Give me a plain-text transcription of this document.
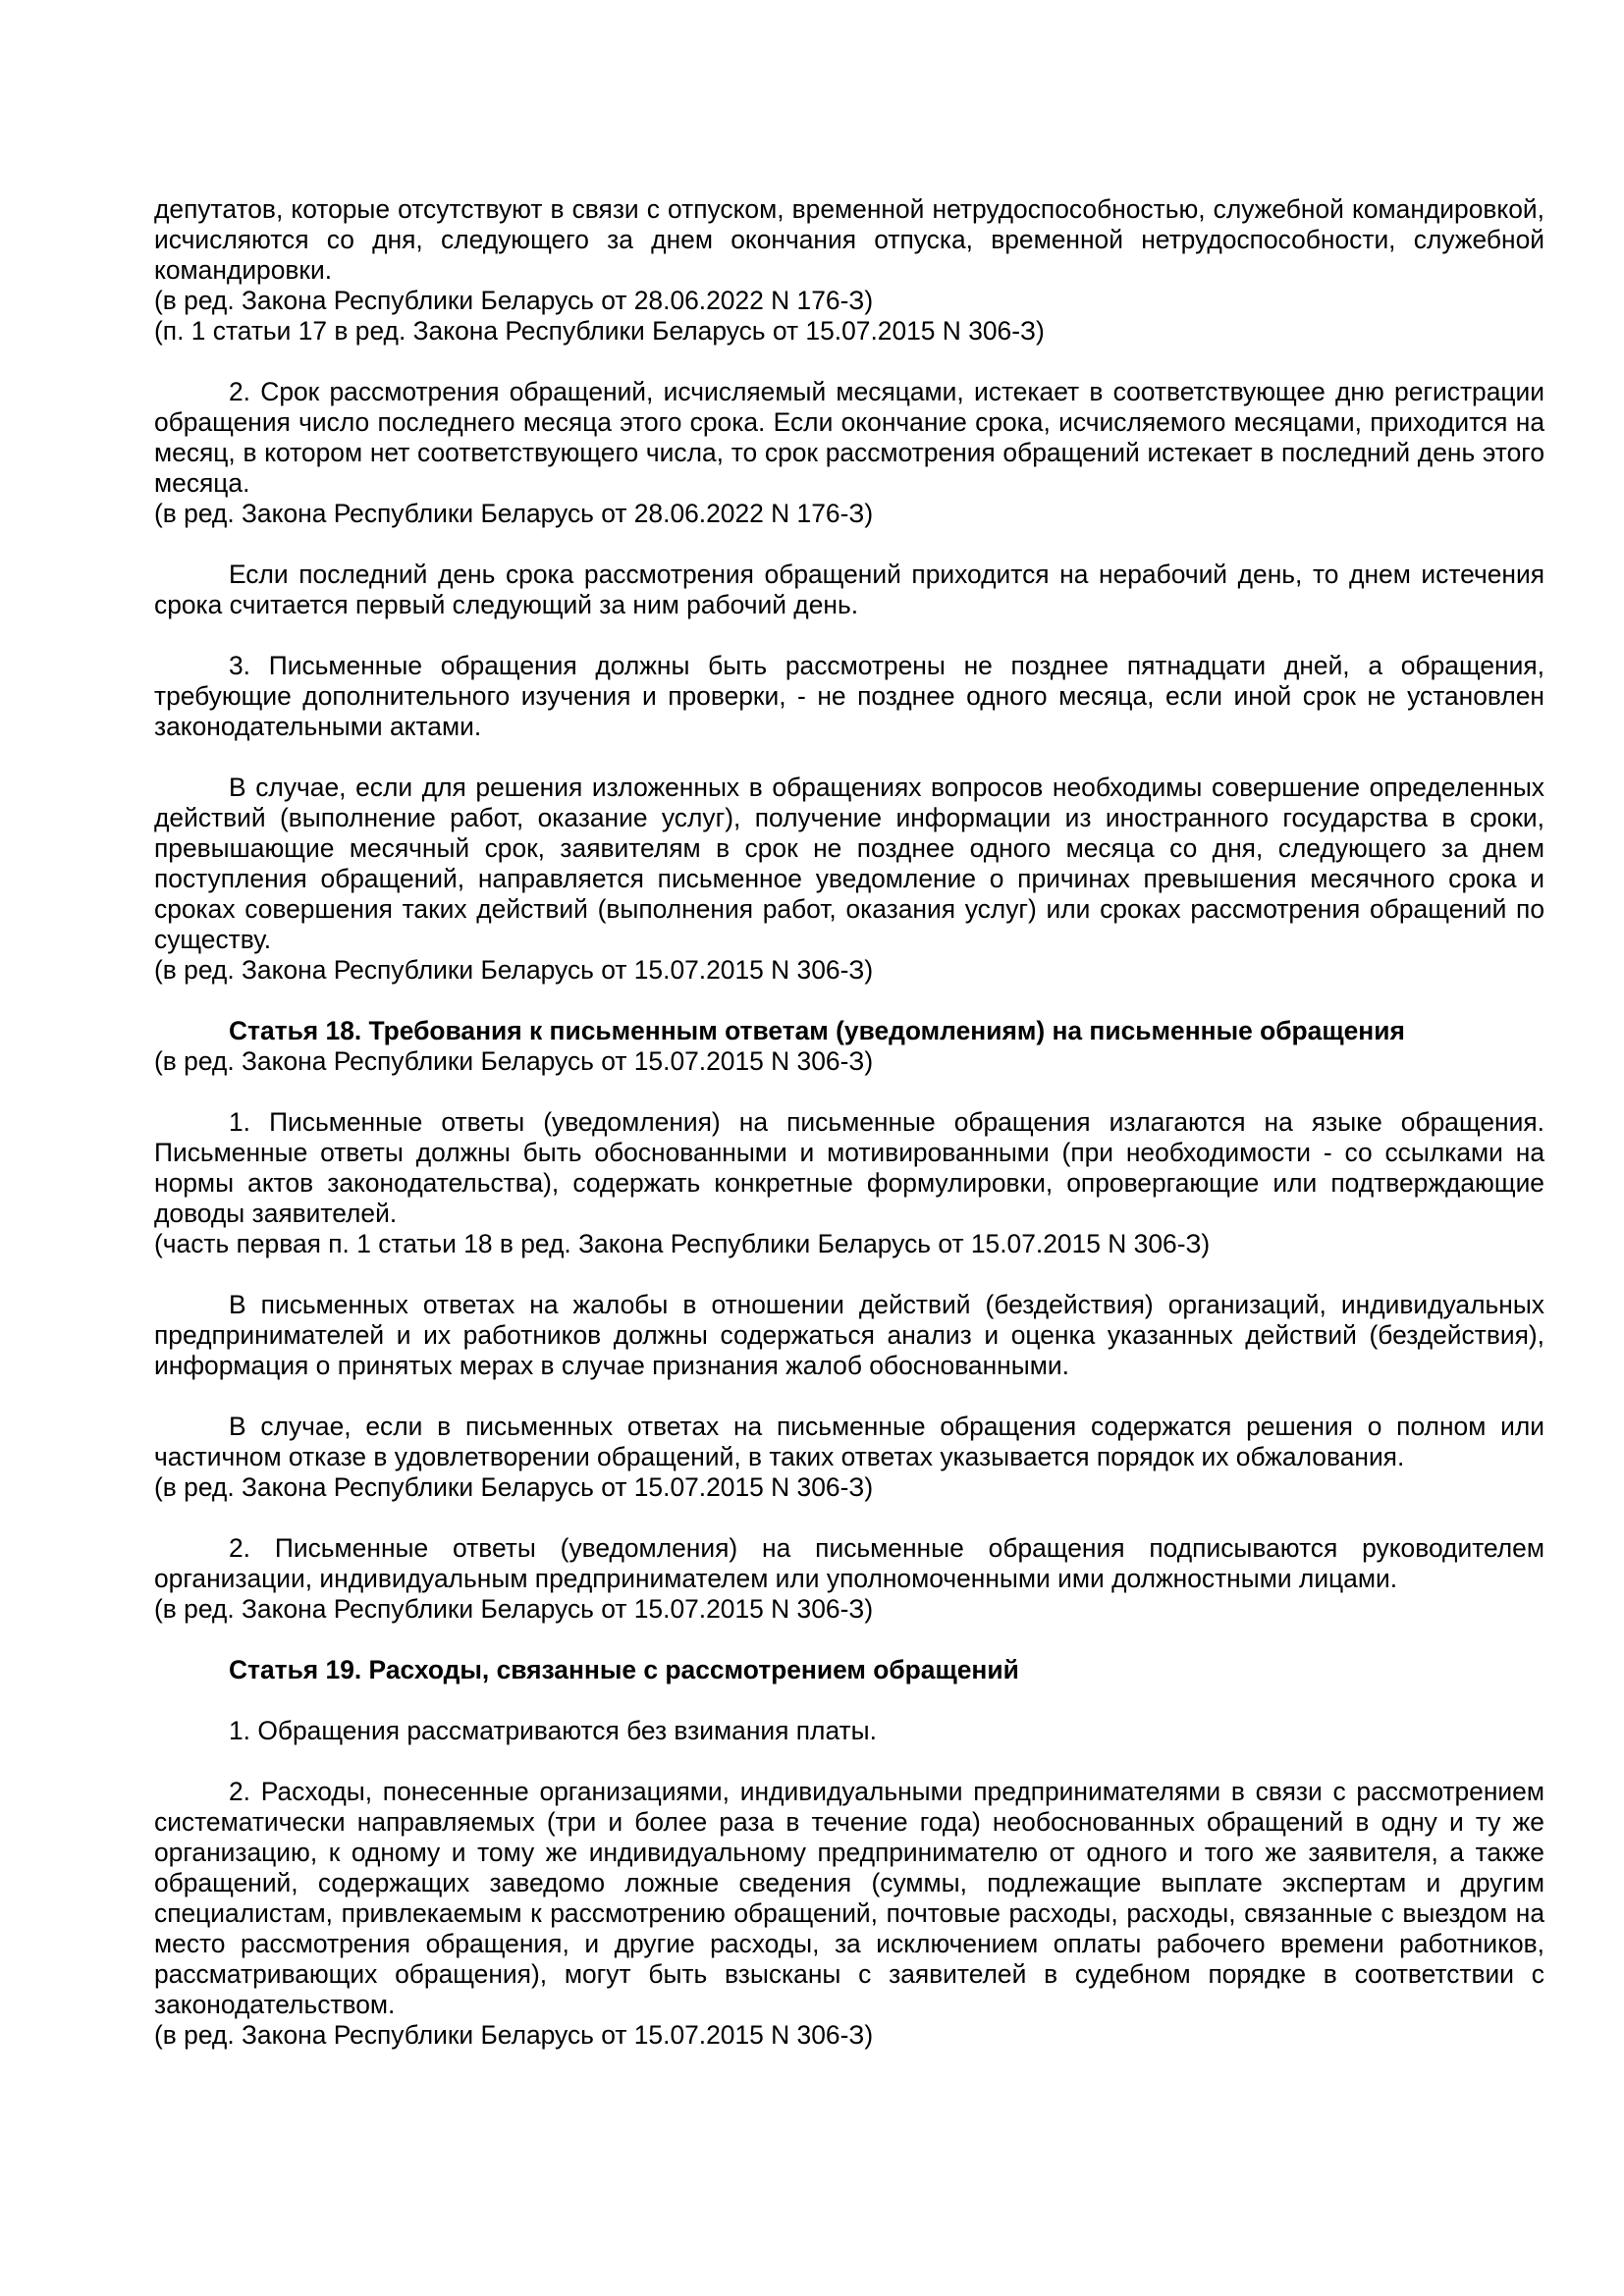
депутатов, которые отсутствуют в связи с отпуском, временной нетрудоспособностью, служебной командировкой, исчисляются со дня, следующего за днем окончания отпуска, временной нетрудоспособности, служебной командировки.

(в ред. Закона Республики Беларусь от 28.06.2022 N 176-З)
(п. 1 статьи 17 в ред. Закона Республики Беларусь от 15.07.2015 N 306-З)

2. Срок рассмотрения обращений, исчисляемый месяцами, истекает в соответствующее дню регистрации обращения число последнего месяца этого срока. Если окончание срока, исчисляемого месяцами, приходится на месяц, в котором нет соответствующего числа, то срок рассмотрения обращений истекает в последний день этого месяца.

(в ред. Закона Республики Беларусь от 28.06.2022 N 176-З)

Если последний день срока рассмотрения обращений приходится на нерабочий день, то днем истечения срока считается первый следующий за ним рабочий день.

3. Письменные обращения должны быть рассмотрены не позднее пятнадцати дней, а обращения, требующие дополнительного изучения и проверки, - не позднее одного месяца, если иной срок не установлен законодательными актами.

В случае, если для решения изложенных в обращениях вопросов необходимы совершение определенных действий (выполнение работ, оказание услуг), получение информации из иностранного государства в сроки, превышающие месячный срок, заявителям в срок не позднее одного месяца со дня, следующего за днем поступления обращений, направляется письменное уведомление о причинах превышения месячного срока и сроках совершения таких действий (выполнения работ, оказания услуг) или сроках рассмотрения обращений по существу.

(в ред. Закона Республики Беларусь от 15.07.2015 N 306-З)

Статья 18. Требования к письменным ответам (уведомлениям) на письменные обращения

(в ред. Закона Республики Беларусь от 15.07.2015 N 306-З)

1. Письменные ответы (уведомления) на письменные обращения излагаются на языке обращения. Письменные ответы должны быть обоснованными и мотивированными (при необходимости - со ссылками на нормы актов законодательства), содержать конкретные формулировки, опровергающие или подтверждающие доводы заявителей.

(часть первая п. 1 статьи 18 в ред. Закона Республики Беларусь от 15.07.2015 N 306-З)

В письменных ответах на жалобы в отношении действий (бездействия) организаций, индивидуальных предпринимателей и их работников должны содержаться анализ и оценка указанных действий (бездействия), информация о принятых мерах в случае признания жалоб обоснованными.

В случае, если в письменных ответах на письменные обращения содержатся решения о полном или частичном отказе в удовлетворении обращений, в таких ответах указывается порядок их обжалования.

(в ред. Закона Республики Беларусь от 15.07.2015 N 306-З)

2. Письменные ответы (уведомления) на письменные обращения подписываются руководителем организации, индивидуальным предпринимателем или уполномоченными ими должностными лицами.

(в ред. Закона Республики Беларусь от 15.07.2015 N 306-З)

Статья 19. Расходы, связанные с рассмотрением обращений

1. Обращения рассматриваются без взимания платы.

2. Расходы, понесенные организациями, индивидуальными предпринимателями в связи с рассмотрением систематически направляемых (три и более раза в течение года) необоснованных обращений в одну и ту же организацию, к одному и тому же индивидуальному предпринимателю от одного и того же заявителя, а также обращений, содержащих заведомо ложные сведения (суммы, подлежащие выплате экспертам и другим специалистам, привлекаемым к рассмотрению обращений, почтовые расходы, расходы, связанные с выездом на место рассмотрения обращения, и другие расходы, за исключением оплаты рабочего времени работников, рассматривающих обращения), могут быть взысканы с заявителей в судебном порядке в соответствии с законодательством.

(в ред. Закона Республики Беларусь от 15.07.2015 N 306-З)
